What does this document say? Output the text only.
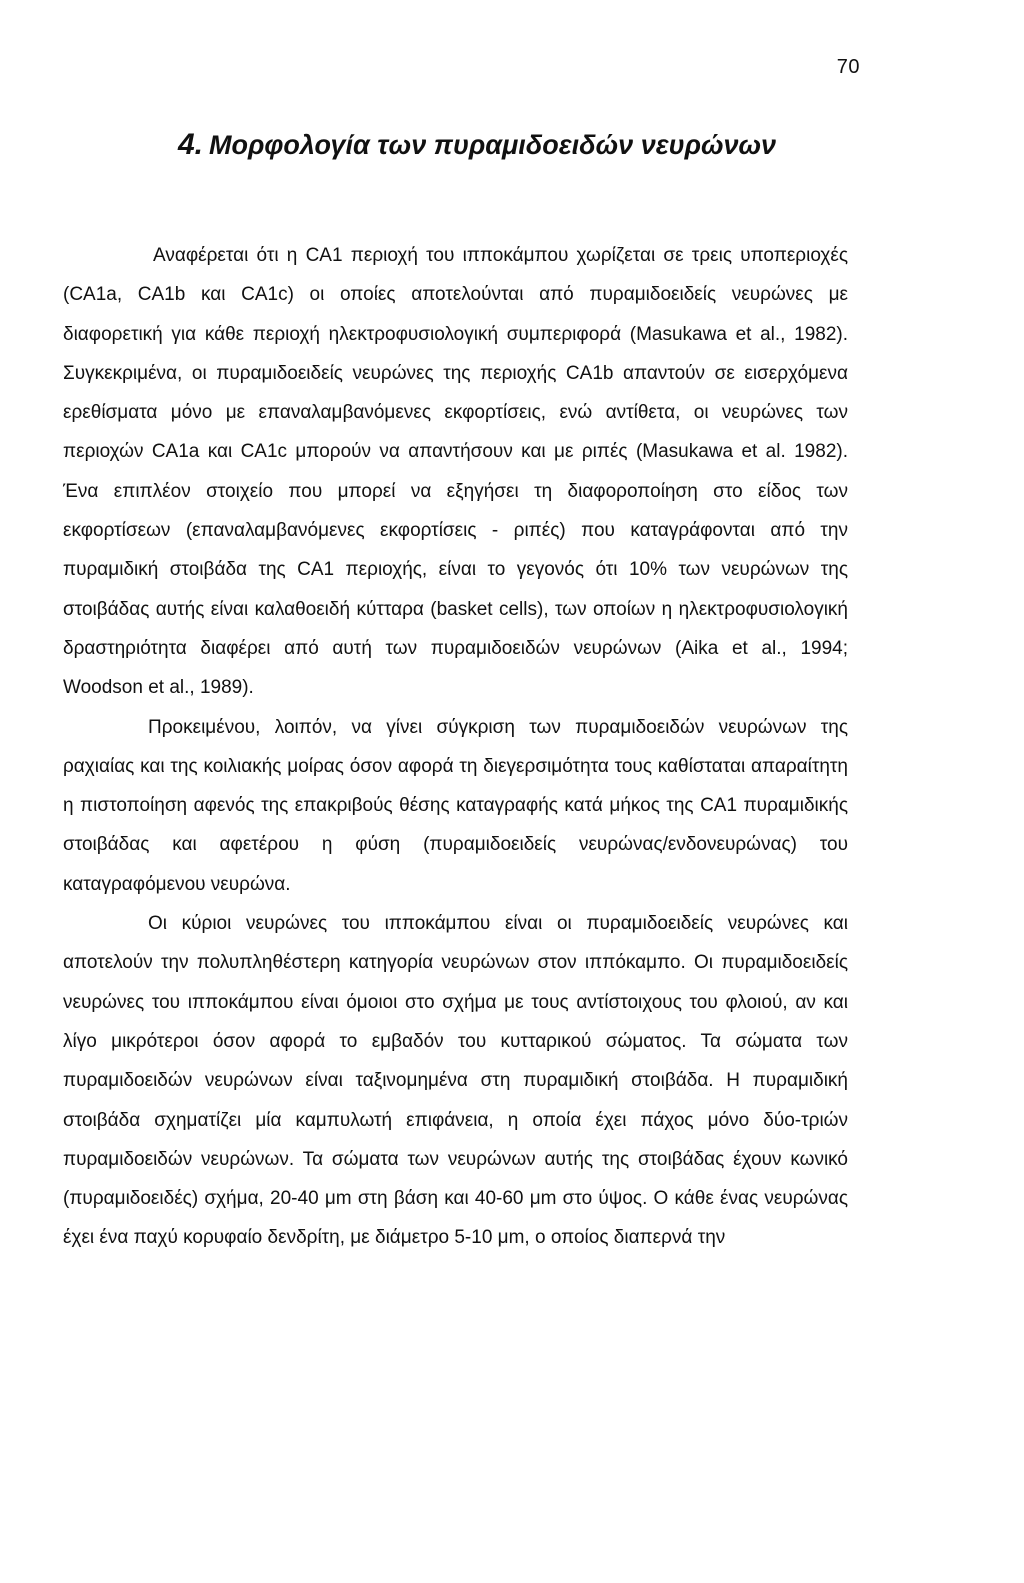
70
4. Μορφολογία των πυραμιδοειδών νευρώνων

Αναφέρεται ότι η CA1 περιοχή του ιπποκάμπου χωρίζεται σε τρεις υποπεριοχές (CA1a, CA1b και CA1c) οι οποίες αποτελούνται από πυραμιδοειδείς νευρώνες με διαφορετική για κάθε περιοχή ηλεκτροφυσιολογική συμπεριφορά (Masukawa et al., 1982). Συγκεκριμένα, οι πυραμιδοειδείς νευρώνες της περιοχής CA1b απαντούν σε εισερχόμενα ερεθίσματα μόνο με επαναλαμβανόμενες εκφορτίσεις, ενώ αντίθετα, οι νευρώνες των περιοχών CA1a και CA1c μπορούν να απαντήσουν και με ριπές (Masukawa et al. 1982). Ένα επιπλέον στοιχείο που μπορεί να εξηγήσει τη διαφοροποίηση στο είδος των εκφορτίσεων (επαναλαμβανόμενες εκφορτίσεις - ριπές) που καταγράφονται από την πυραμιδική στοιβάδα της CA1 περιοχής, είναι το γεγονός ότι 10% των νευρώνων της στοιβάδας αυτής είναι καλαθοειδή κύτταρα (basket cells), των οποίων η ηλεκτροφυσιολογική δραστηριότητα διαφέρει από αυτή των πυραμιδοειδών νευρώνων (Aika et al., 1994; Woodson et al., 1989).

Προκειμένου, λοιπόν, να γίνει σύγκριση των πυραμιδοειδών νευρώνων της ραχιαίας και της κοιλιακής μοίρας όσον αφορά τη διεγερσιμότητα τους καθίσταται απαραίτητη η πιστοποίηση αφενός της επακριβούς θέσης καταγραφής κατά μήκος της CA1 πυραμιδικής στοιβάδας και αφετέρου η φύση (πυραμιδοειδείς νευρώνας/ενδονευρώνας) του καταγραφόμενου νευρώνα.

Οι κύριοι νευρώνες του ιπποκάμπου είναι οι πυραμιδοειδείς νευρώνες και αποτελούν την πολυπληθέστερη κατηγορία νευρώνων στον ιππόκαμπο. Οι πυραμιδοειδείς νευρώνες του ιπποκάμπου είναι όμοιοι στο σχήμα με τους αντίστοιχους του φλοιού, αν και λίγο μικρότεροι όσον αφορά το εμβαδόν του κυτταρικού σώματος. Τα σώματα των πυραμιδοειδών νευρώνων είναι ταξινομημένα στη πυραμιδική στοιβάδα. Η πυραμιδική στοιβάδα σχηματίζει μία καμπυλωτή επιφάνεια, η οποία έχει πάχος μόνο δύο-τριών πυραμιδοειδών νευρώνων. Τα σώματα των νευρώνων αυτής της στοιβάδας έχουν κωνικό (πυραμιδοειδές) σχήμα, 20-40 μm στη βάση και 40-60 μm στο ύψος. Ο κάθε ένας νευρώνας έχει ένα παχύ κορυφαίο δενδρίτη, με διάμετρο 5-10 μm, ο οποίος διαπερνά την
